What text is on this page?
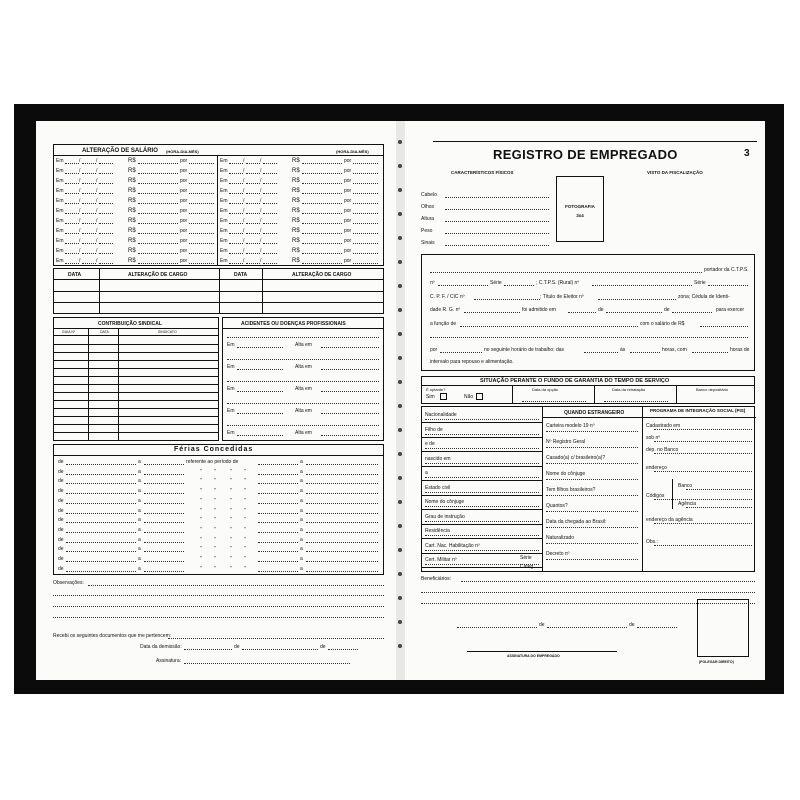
ALTERAÇÃO DE SALÁRIO (HORA-DIA-MÊS)	(HORA-DIA-MÊS)
Em	/	/	R$	por	Em	/	/	R$	por
Em	/	/	R$	por	Em	/	/	R$	por
Em	/	/	R$	por	Em	/	/	R$	por
Em	/	/	R$	por	Em	/	/	R$	por
Em	/	/	R$	por	Em	/	/	R$	por
Em	/	/	R$	por	Em	/	/	R$	por
Em	/	/	R$	por	Em	/	/	R$	por
Em	/	/	R$	por	Em	/	/	R$	por
Em	/	/	R$	por	Em	/	/	R$	por
Em	/	/	R$	por	Em	/	/	R$	por
Em	/	/	R$	por	Em	/	/	R$	por
DATA	ALTERAÇÃO DE CARGO	DATA	ALTERAÇÃO DE CARGO
CONTRIBUIÇÃO SINDICAL
GUIA Nº	DATA	SINDICATO
ACIDENTES OU DOENÇAS PROFISSIONAIS
Em	Alta em
Em	Alta em
Em	Alta em
Em	Alta em
Em	Alta em
Férias Concedidas
de	a	referente ao período de	a
de	a	" "	" "	a
de	a	" "	" "	a
de	a	" "	" "	a
de	a	" "	" "	a
de	a	" "	" "	a
de	a	" "	" "	a
de	a	" "	" "	a
de	a	" "	" "	a
de	a	" "	" "	a
de	a	" "	" "	a
de	a	" "	" "	a
Observações:
Recebi os seguintes documentos que me pertencem:
Data da demissão:	de	de
Assinatura:
REGISTRO DE EMPREGADO	3
CARACTERÍSTICOS FÍSICOS	VISTO DA FISCALIZAÇÃO
Cabelo
Olhos
Altura
Peso
Sinais
FOTOGRAFIA
3x4
portador da C.T.P.S.
nº	Série	; C.T.P.S. (Rural) nº	Série
C. P. F. / CIC nº	; Título de Eleitor nº	zona; Cédula de Identi-
dade R. G. nº	foi admitido em	de	de	para exercer
a função de	com o salário de R$
por	no seguinte horário de trabalho: das	às	horas, com	horas de
intervalo para repouso e alimentação.
SITUAÇÃO PERANTE O FUNDO DE GARANTIA DO TEMPO DE SERVIÇO
É optante?
Sim	Não
Data da opção	Data da retratação	Banco depositário
QUANDO ESTRANGEIRO	PROGRAMA DE INTEGRAÇÃO SOCIAL (PIS)
Nacionalidade
Filho de
e de
nascido em
a
Estado civil
Nome do cônjuge
Grau de instrução
Residência
Cart. Nac. Habilitação nº
Cert. Militar nº
Carteira modelo 19 nº
Nº Registro Geral
Casado(a) c/ brasileiro(a)?
Nome do cônjuge
Tem filhos brasileiros?
Quantos?
Data da chegada ao Brasil:
Naturalizado
Decreto nº
Série
Categ.
Cadastrado em
sob nº
dep. no Banco
endereço
Códigos
Banco
Agência
endereço da agência
Obs.:
Beneficiários:
de	de
ASSINATURA DO EMPREGADO
(POLEGAR DIREITO)
